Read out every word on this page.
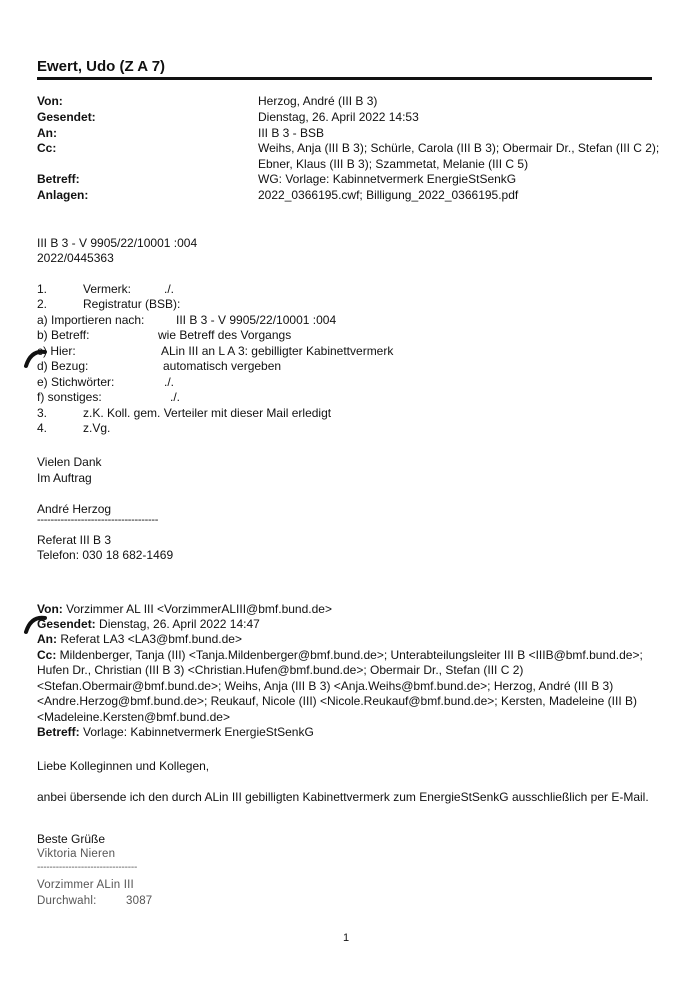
Ewert, Udo (Z A 7)
Von:	Herzog, André (III B 3)
Gesendet:	Dienstag, 26. April 2022 14:53
An:	III B 3 - BSB
Cc:	Weihs, Anja (III B 3); Schürle, Carola (III B 3); Obermair Dr., Stefan (III C 2);
Ebner, Klaus (III B 3); Szammetat, Melanie (III C 5)
Betreff:	WG: Vorlage: Kabinnetvermerk EnergieStSenkG
Anlagen:	2022_0366195.cwf; Billigung_2022_0366195.pdf
III B 3 - V 9905/22/10001 :004
2022/0445363
1.	Vermerk:	./.
2.	Registratur (BSB):
a) Importieren nach:	III B 3 - V 9905/22/10001 :004
b) Betreff:	wie Betreff des Vorgangs
c) Hier:	ALin III an L A 3: gebilligter Kabinettvermerk
d) Bezug:	automatisch vergeben
e) Stichwörter:	./.
f) sonstiges:	./.
3.	z.K. Koll. gem. Verteiler mit dieser Mail erledigt
4.	z.Vg.
Vielen Dank
Im Auftrag
André Herzog
------------------------------------
Referat III B 3
Telefon: 030 18 682-1469
Von: Vorzimmer AL III <VorzimmerALIII@bmf.bund.de>
Gesendet: Dienstag, 26. April 2022 14:47
An: Referat LA3 <LA3@bmf.bund.de>
Cc: Mildenberger, Tanja (III) <Tanja.Mildenberger@bmf.bund.de>; Unterabteilungsleiter III B <IIIB@bmf.bund.de>;
Hufen Dr., Christian (III B 3) <Christian.Hufen@bmf.bund.de>; Obermair Dr., Stefan (III C 2)
<Stefan.Obermair@bmf.bund.de>; Weihs, Anja (III B 3) <Anja.Weihs@bmf.bund.de>; Herzog, André (III B 3)
<Andre.Herzog@bmf.bund.de>; Reukauf, Nicole (III) <Nicole.Reukauf@bmf.bund.de>; Kersten, Madeleine (III B)
<Madeleine.Kersten@bmf.bund.de>
Betreff: Vorlage: Kabinnetvermerk EnergieStSenkG
Liebe Kolleginnen und Kollegen,
anbei übersende ich den durch ALin III gebilligten Kabinettvermerk zum EnergieStSenkG ausschließlich per E-Mail.
Beste Grüße
Viktoria Nieren
--------------------------------
Vorzimmer ALin III
Durchwahl:	3087
1
